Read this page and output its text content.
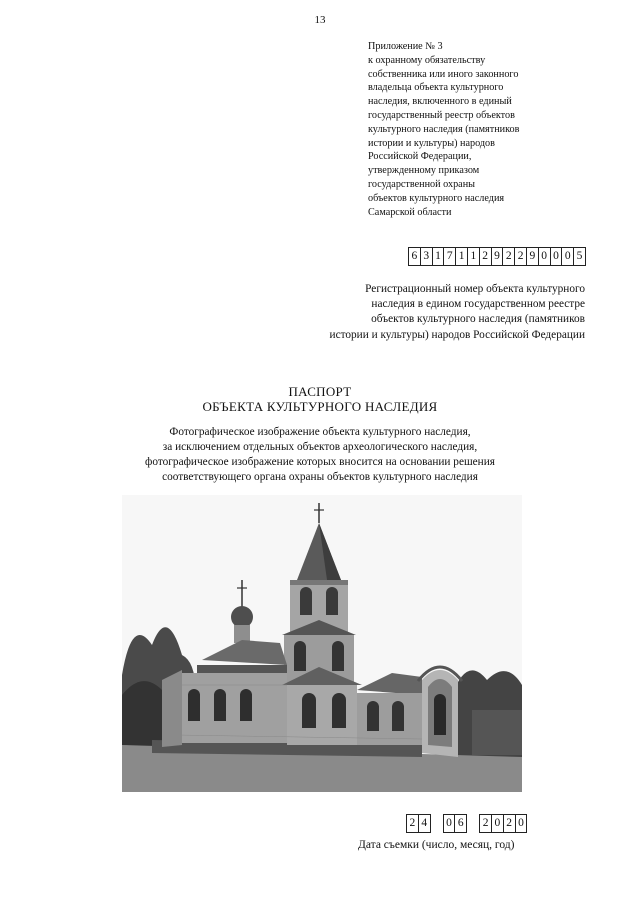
13
Приложение № 3
к охранному обязательству
собственника или иного законного
владельца объекта культурного
наследия, включенного в единый
государственный реестр объектов
культурного наследия (памятников
истории и культуры) народов
Российской Федерации,
утвержденному приказом
государственной охраны
объектов культурного наследия
Самарской области
6 3 1 7 1 1 2 9 2 2 9 0 0 0 5
Регистрационный номер объекта культурного
наследия в едином государственном реестре
объектов культурного наследия (памятников
истории и культуры) народов Российской Федерации
ПАСПОРТ
ОБЪЕКТА КУЛЬТУРНОГО НАСЛЕДИЯ
Фотографическое изображение объекта культурного наследия,
за исключением отдельных объектов археологического наследия,
фотографическое изображение которых вносится на основании решения
соответствующего органа охраны объектов культурного наследия
2 4	0 6	2 0 2 0
Дата съемки (число, месяц, год)
